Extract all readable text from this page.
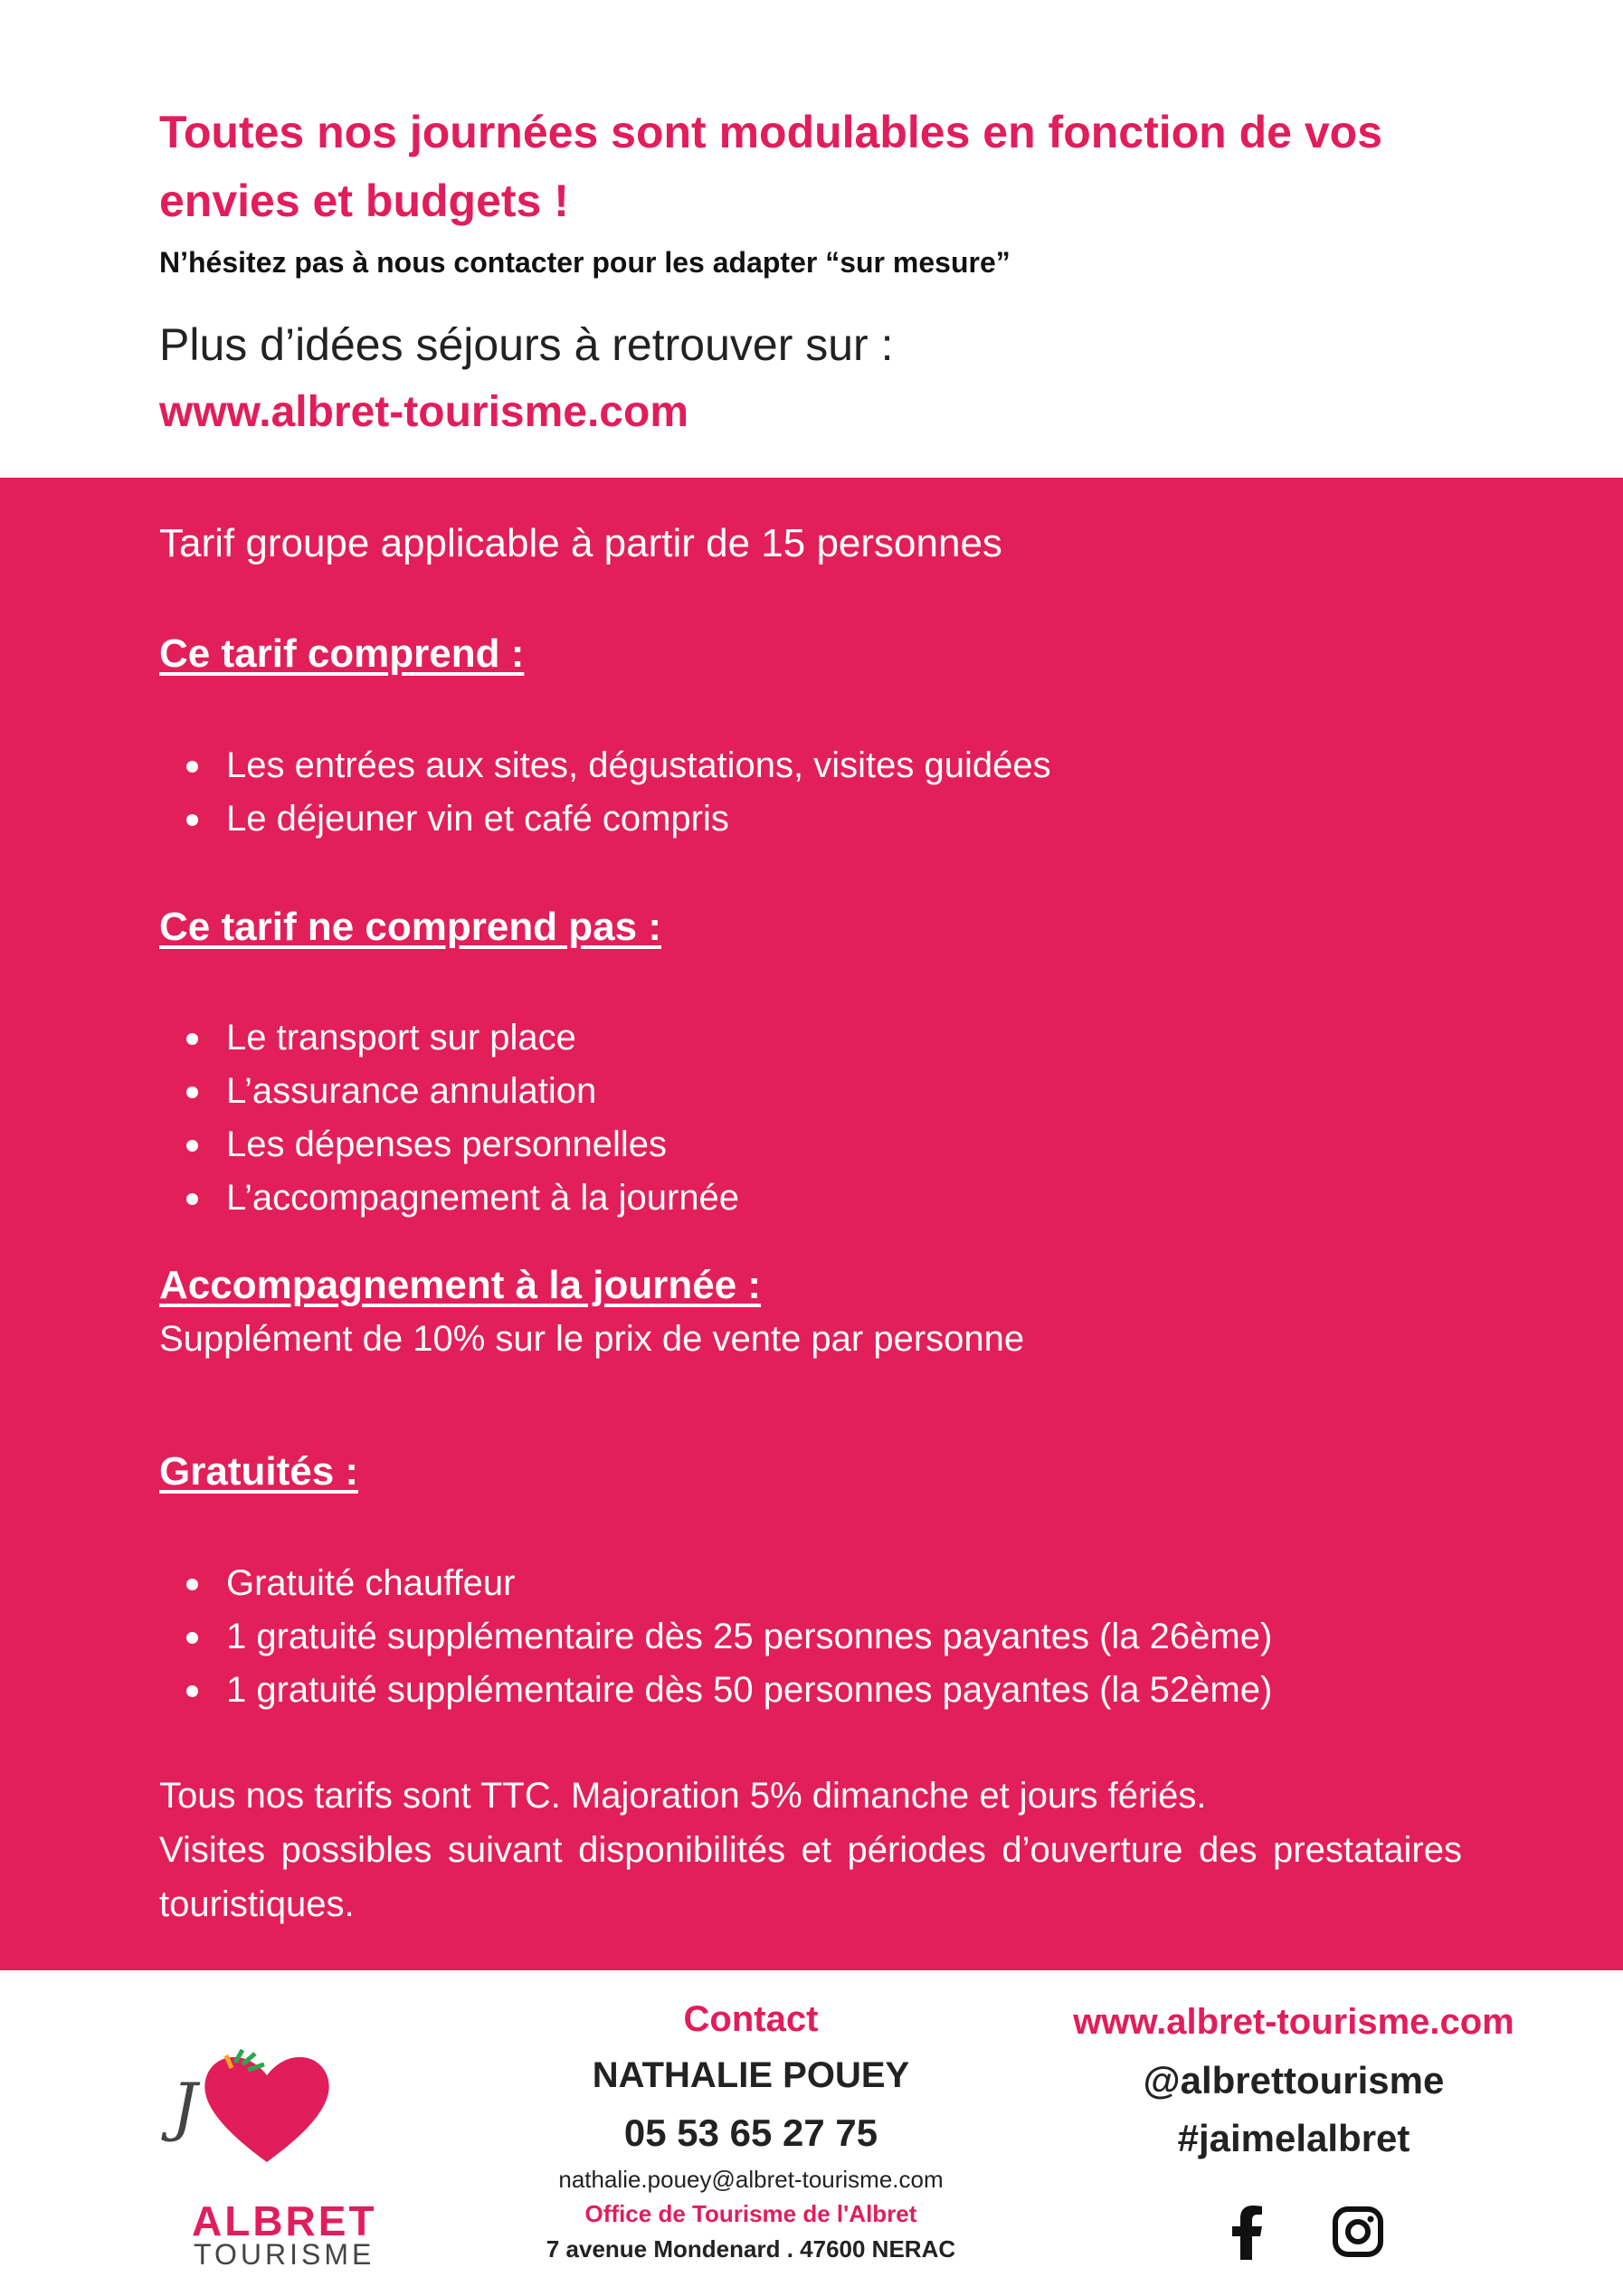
Toutes nos journées sont modulables en fonction de vos envies et budgets !
N’hésitez pas à nous contacter pour les adapter “sur mesure”
Plus d’idées séjours à retrouver sur :
www.albret-tourisme.com
Tarif groupe applicable à partir de 15 personnes
Ce tarif comprend :
Les entrées aux sites, dégustations, visites guidées
Le déjeuner vin et café compris
Ce tarif ne comprend pas :
Le transport sur place
L’assurance annulation
Les dépenses personnelles
L’accompagnement à la journée
Accompagnement à la journée :
Supplément de 10% sur le prix de vente par personne
Gratuités :
Gratuité chauffeur
1 gratuité supplémentaire dès 25 personnes payantes (la 26ème)
1 gratuité supplémentaire dès 50 personnes payantes (la 52ème)
Tous nos tarifs sont TTC. Majoration 5% dimanche et jours fériés.
Visites possibles suivant disponibilités et périodes d’ouverture des prestataires touristiques.
J
ALBRET
TOURISME
Contact
NATHALIE POUEY
05 53 65 27 75
nathalie.pouey@albret-tourisme.com
Office de Tourisme de l'Albret
7 avenue Mondenard . 47600 NERAC
www.albret-tourisme.com
@albrettourisme
#jaimelalbret
